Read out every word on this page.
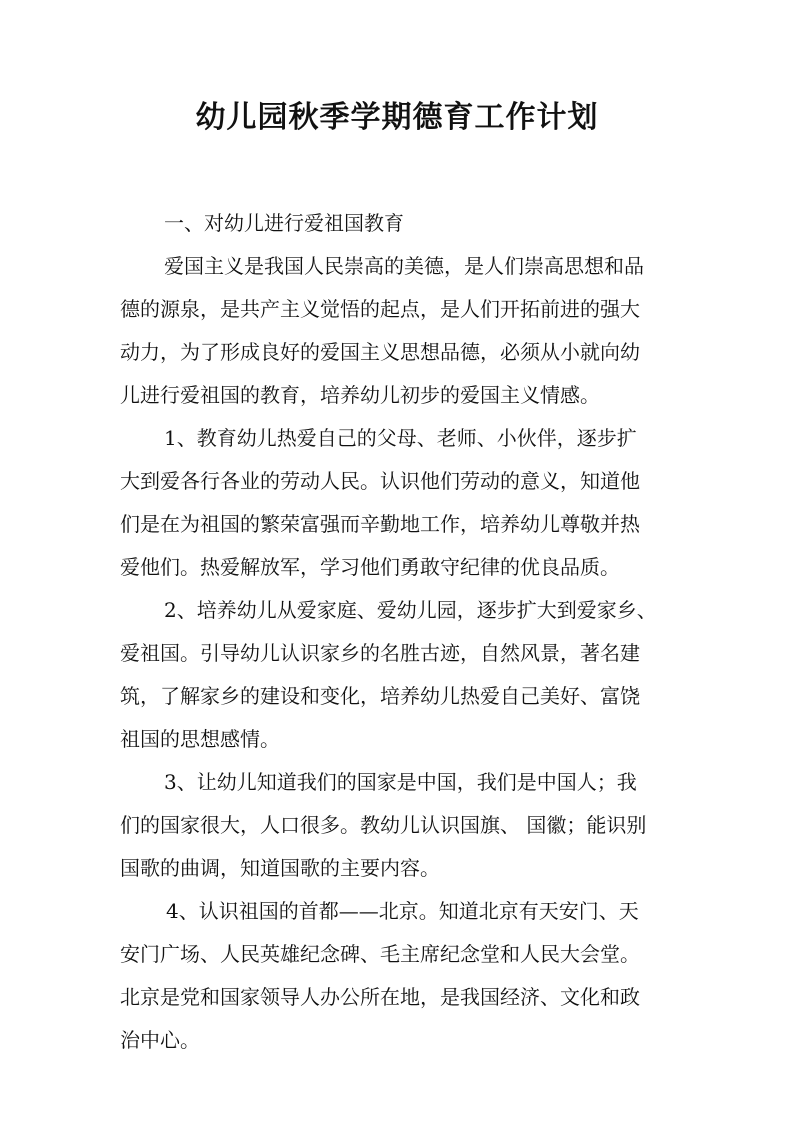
幼儿园秋季学期德育工作计划

一、对幼儿进行爱祖国教育

爱国主义是我国人民崇高的美德，是人们崇高思想和品

德的源泉，是共产主义觉悟的起点，是人们开拓前进的强大

动力，为了形成良好的爱国主义思想品德，必须从小就向幼

儿进行爱祖国的教育，培养幼儿初步的爱国主义情感。

1、教育幼儿热爱自己的父母、老师、小伙伴，逐步扩

大到爱各行各业的劳动人民。认识他们劳动的意义，知道他

们是在为祖国的繁荣富强而辛勤地工作，培养幼儿尊敬并热

爱他们。热爱解放军，学习他们勇敢守纪律的优良品质。

2、培养幼儿从爱家庭、爱幼儿园，逐步扩大到爱家乡、

爱祖国。引导幼儿认识家乡的名胜古迹，自然风景，著名建

筑，了解家乡的建设和变化，培养幼儿热爱自己美好、富饶

祖国的思想感情。

3、让幼儿知道我们的国家是中国，我们是中国人；我

们的国家很大，人口很多。教幼儿认识国旗、 国徽；能识别

国歌的曲调，知道国歌的主要内容。

4、认识祖国的首都——北京。知道北京有天安门、天

安门广场、人民英雄纪念碑、毛主席纪念堂和人民大会堂。

北京是党和国家领导人办公所在地，是我国经济、文化和政

治中心。
